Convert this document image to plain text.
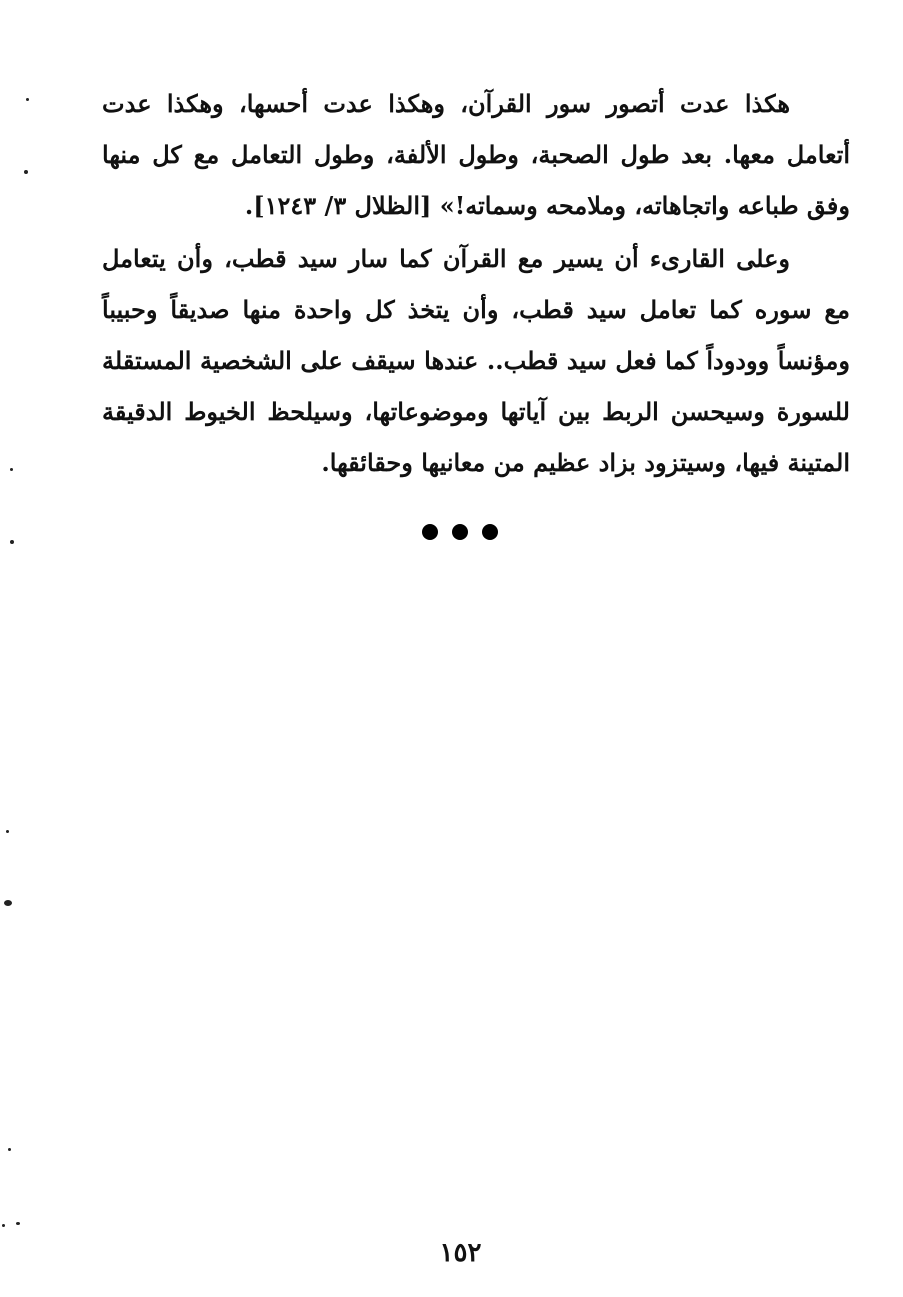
هكذا عدت أتصور سور القرآن، وهكذا عدت أحسها، وهكذا عدت أتعامل معها. بعد طول الصحبة، وطول الألفة، وطول التعامل مع كل منها وفق طباعه واتجاهاته، وملامحه وسماته!» [الظلال ٣/ ١٢٤٣].

وعلى القارىء أن يسير مع القرآن كما سار سيد قطب، وأن يتعامل مع سوره كما تعامل سيد قطب، وأن يتخذ كل واحدة منها صديقاً وحبيباً ومؤنساً وودوداً كما فعل سيد قطب.. عندها سيقف على الشخصية المستقلة للسورة وسيحسن الربط بين آياتها وموضوعاتها، وسيلحظ الخيوط الدقيقة المتينة فيها، وسيتزود بزاد عظيم من معانيها وحقائقها.

١٥٢
